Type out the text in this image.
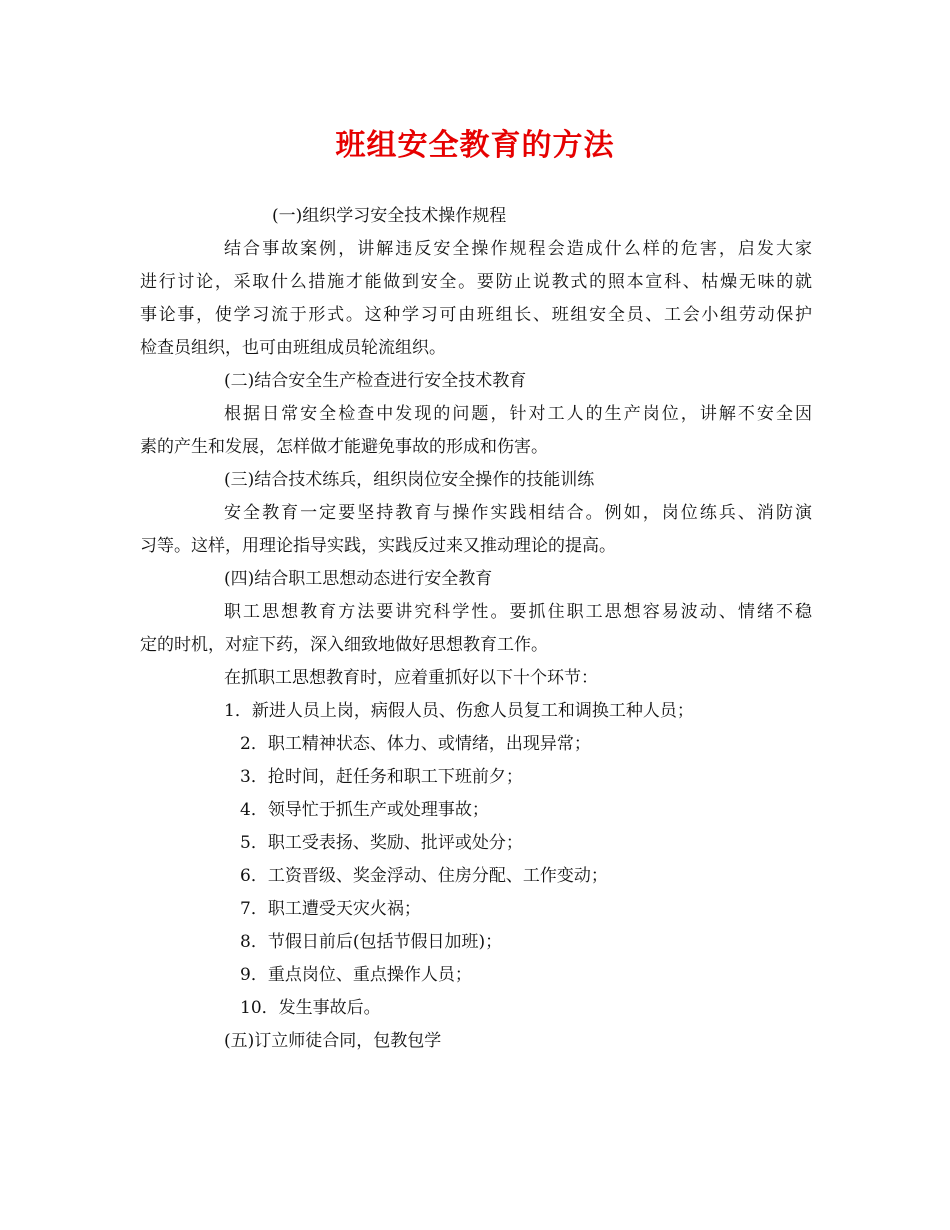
班组安全教育的方法
(一)组织学习安全技术操作规程
结合事故案例，讲解违反安全操作规程会造成什么样的危害，启发大家
进行讨论，采取什么措施才能做到安全。要防止说教式的照本宣科、枯燥无味的就
事论事，使学习流于形式。这种学习可由班组长、班组安全员、工会小组劳动保护
检查员组织，也可由班组成员轮流组织。
(二)结合安全生产检查进行安全技术教育
根据日常安全检查中发现的问题，针对工人的生产岗位，讲解不安全因
素的产生和发展，怎样做才能避免事故的形成和伤害。
(三)结合技术练兵，组织岗位安全操作的技能训练
安全教育一定要坚持教育与操作实践相结合。例如，岗位练兵、消防演
习等。这样，用理论指导实践，实践反过来又推动理论的提高。
(四)结合职工思想动态进行安全教育
职工思想教育方法要讲究科学性。要抓住职工思想容易波动、情绪不稳
定的时机，对症下药，深入细致地做好思想教育工作。
在抓职工思想教育时，应着重抓好以下十个环节：
1．新进人员上岗，病假人员、伤愈人员复工和调换工种人员；
2．职工精神状态、体力、或情绪，出现异常；
3．抢时间，赶任务和职工下班前夕；
4．领导忙于抓生产或处理事故；
5．职工受表扬、奖励、批评或处分；
6．工资晋级、奖金浮动、住房分配、工作变动；
7．职工遭受天灾火祸；
8．节假日前后(包括节假日加班)；
9．重点岗位、重点操作人员；
10．发生事故后。
(五)订立师徒合同，包教包学
